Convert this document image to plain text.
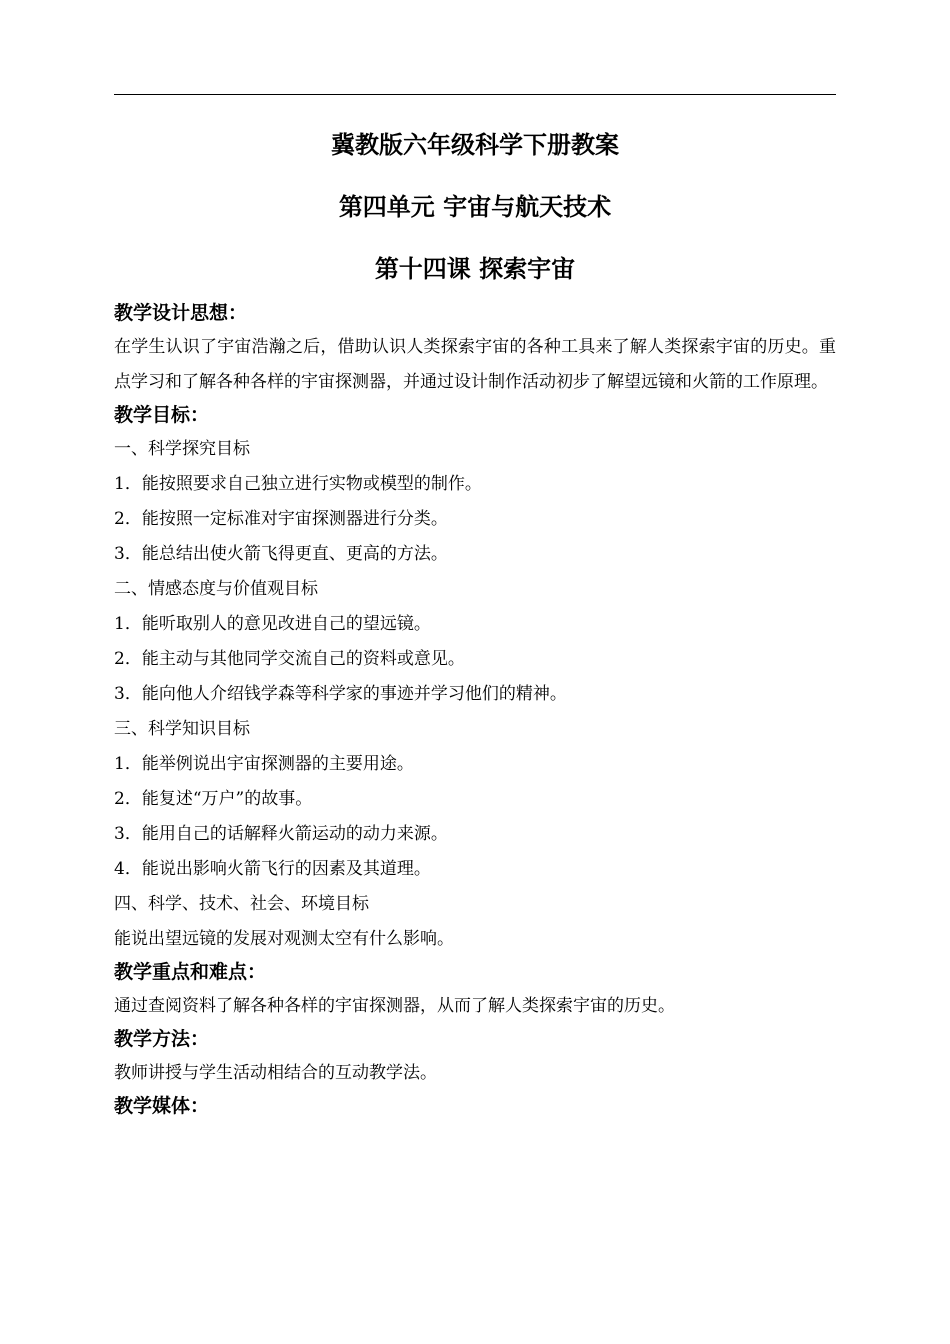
冀教版六年级科学下册教案
第四单元 宇宙与航天技术
第十四课 探索宇宙
教学设计思想：

在学生认识了宇宙浩瀚之后，借助认识人类探索宇宙的各种工具来了解人类探索宇宙的历史。重点学习和了解各种各样的宇宙探测器，并通过设计制作活动初步了解望远镜和火箭的工作原理。

教学目标：

一、科学探究目标

1．能按照要求自己独立进行实物或模型的制作。

2．能按照一定标准对宇宙探测器进行分类。

3．能总结出使火箭飞得更直、更高的方法。

二、情感态度与价值观目标

1．能听取别人的意见改进自己的望远镜。

2．能主动与其他同学交流自己的资料或意见。

3．能向他人介绍钱学森等科学家的事迹并学习他们的精神。

三、科学知识目标

1．能举例说出宇宙探测器的主要用途。

2．能复述“万户”的故事。

3．能用自己的话解释火箭运动的动力来源。

4．能说出影响火箭飞行的因素及其道理。

四、科学、技术、社会、环境目标

能说出望远镜的发展对观测太空有什么影响。

教学重点和难点：

通过查阅资料了解各种各样的宇宙探测器，从而了解人类探索宇宙的历史。

教学方法：

教师讲授与学生活动相结合的互动教学法。

教学媒体：
